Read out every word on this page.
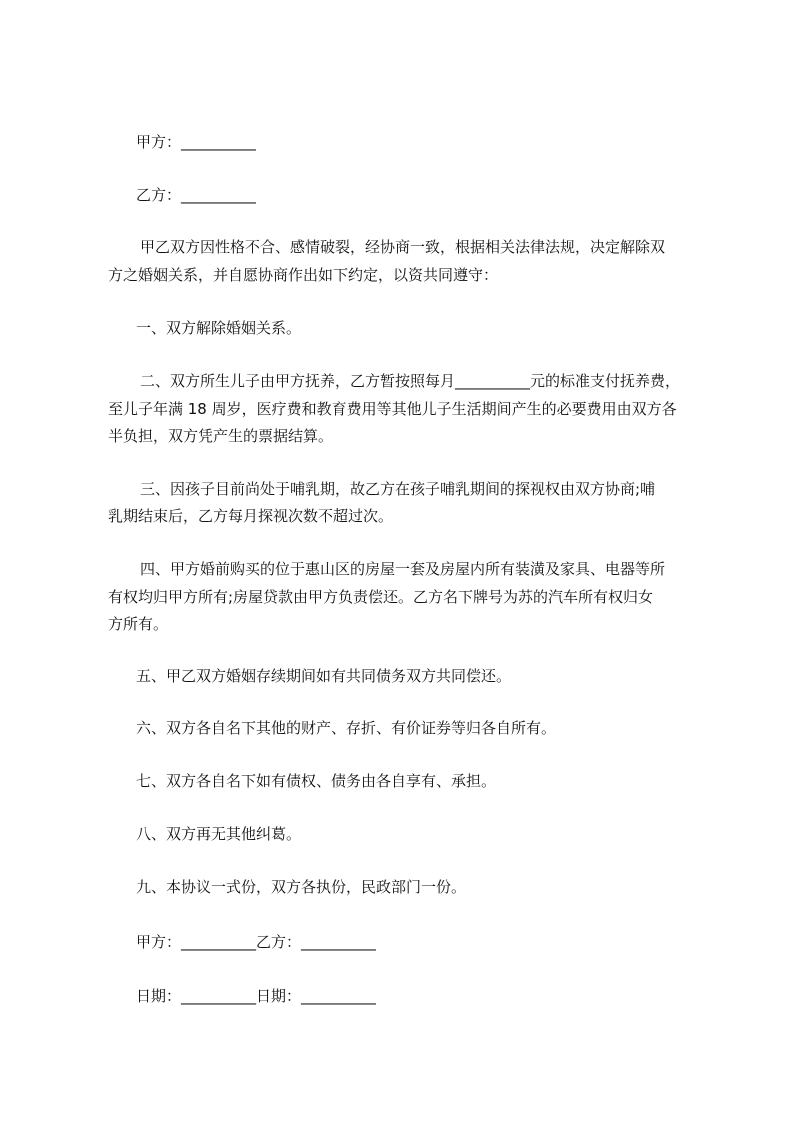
甲方：__________
乙方：__________
甲乙双方因性格不合、感情破裂，经协商一致，根据相关法律法规，决定解除双
方之婚姻关系，并自愿协商作出如下约定，以资共同遵守：
一、双方解除婚姻关系。
二、双方所生儿子由甲方抚养，乙方暂按照每月__________元的标准支付抚养费，
至儿子年满 18 周岁，医疗费和教育费用等其他儿子生活期间产生的必要费用由双方各
半负担，双方凭产生的票据结算。
三、因孩子目前尚处于哺乳期，故乙方在孩子哺乳期间的探视权由双方协商;哺
乳期结束后，乙方每月探视次数不超过次。
四、甲方婚前购买的位于惠山区的房屋一套及房屋内所有装潢及家具、电器等所
有权均归甲方所有;房屋贷款由甲方负责偿还。乙方名下牌号为苏的汽车所有权归女
方所有。
五、甲乙双方婚姻存续期间如有共同债务双方共同偿还。
六、双方各自名下其他的财产、存折、有价证券等归各自所有。
七、双方各自名下如有债权、债务由各自享有、承担。
八、双方再无其他纠葛。
九、本协议一式份，双方各执份，民政部门一份。
甲方：__________乙方：__________
日期：__________日期：__________
